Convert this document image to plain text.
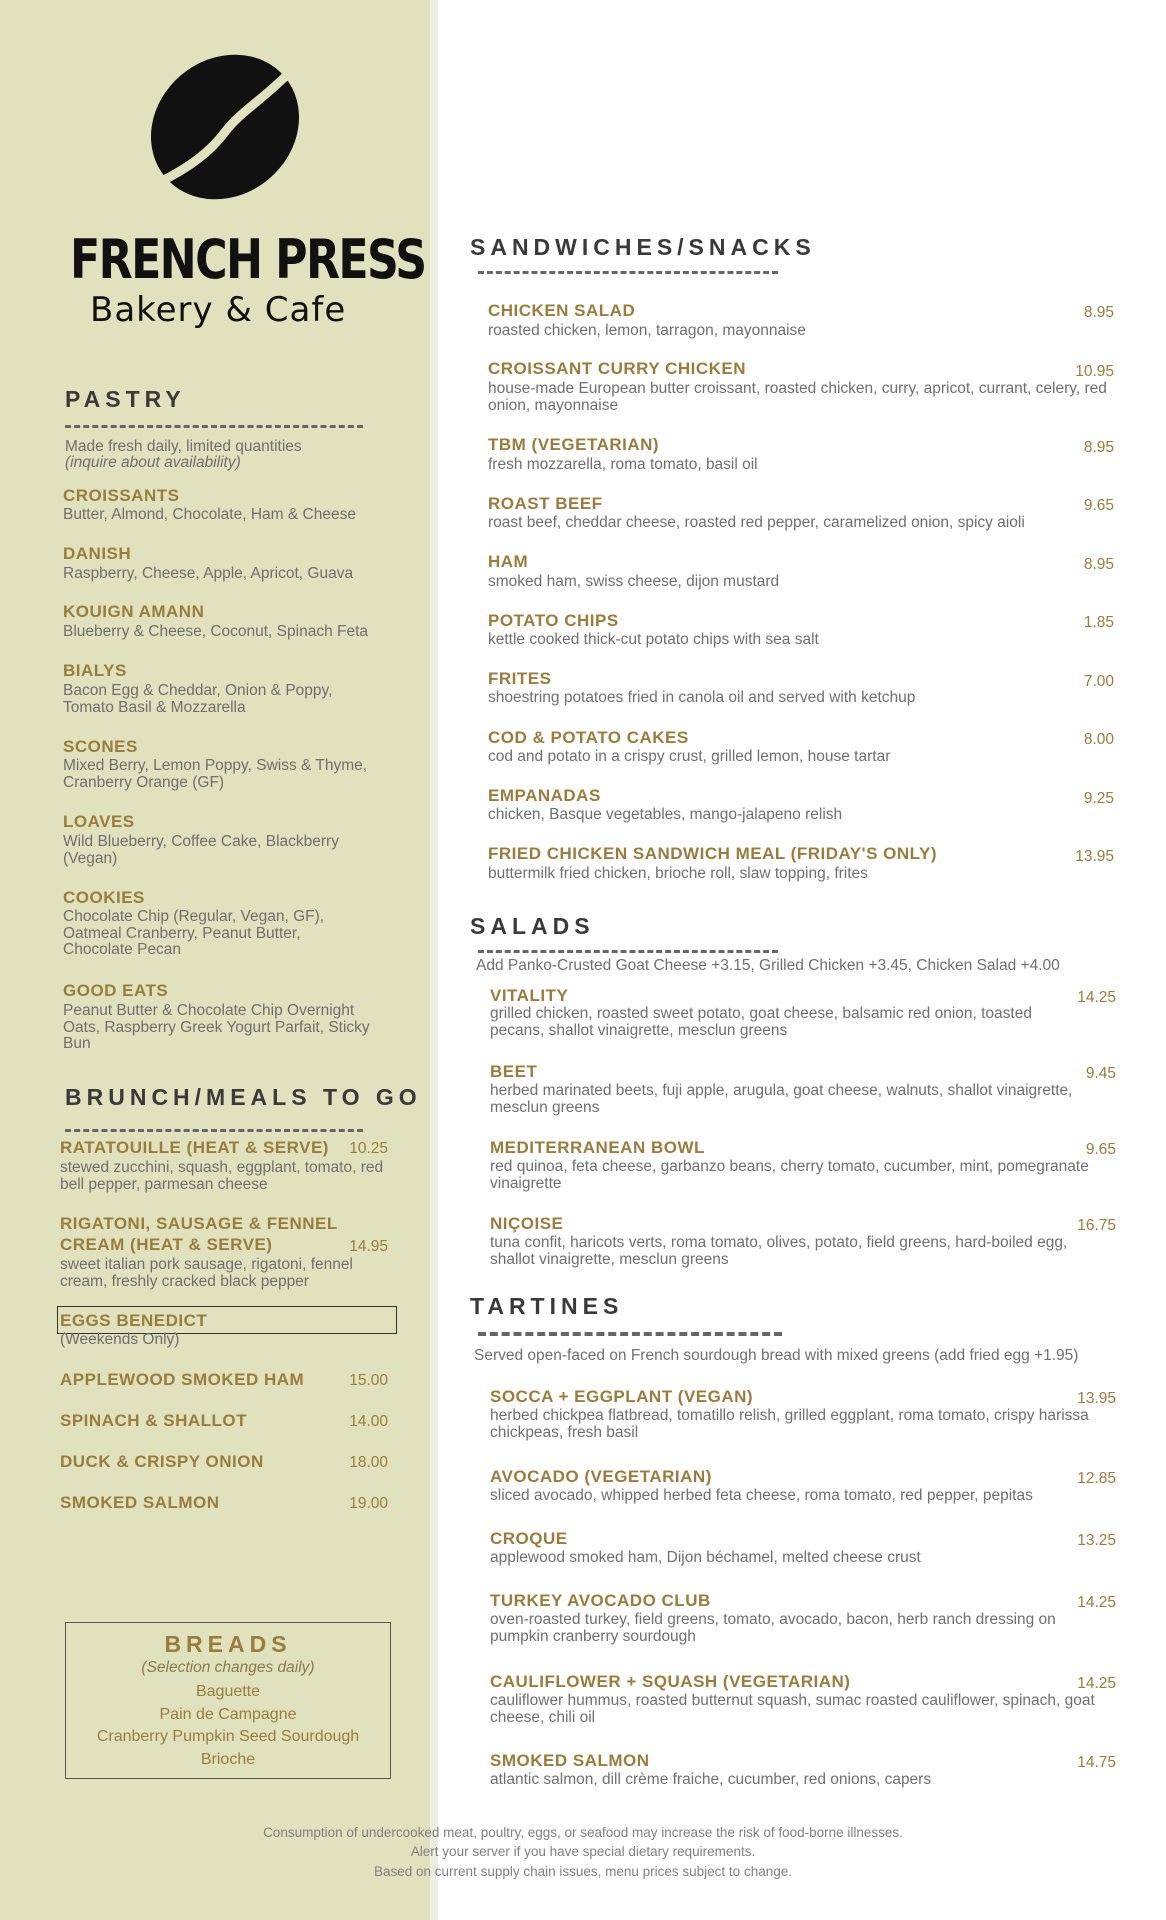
FRENCH PRESS
Bakery & Cafe
PASTRY
Made fresh daily, limited quantities
(inquire about availability)
CROISSANTS
Butter, Almond, Chocolate, Ham & Cheese
DANISH
Raspberry, Cheese, Apple, Apricot, Guava
KOUIGN AMANN
Blueberry & Cheese, Coconut, Spinach Feta
BIALYS
Bacon Egg & Cheddar, Onion & Poppy, Tomato Basil & Mozzarella
SCONES
Mixed Berry, Lemon Poppy, Swiss & Thyme, Cranberry Orange (GF)
LOAVES
Wild Blueberry, Coffee Cake, Blackberry (Vegan)
COOKIES
Chocolate Chip (Regular, Vegan, GF), Oatmeal Cranberry, Peanut Butter, Chocolate Pecan
GOOD EATS
Peanut Butter & Chocolate Chip Overnight Oats, Raspberry Greek Yogurt Parfait, Sticky Bun
BRUNCH/MEALS TO GO
RATATOUILLE (HEAT & SERVE)	10.25
stewed zucchini, squash, eggplant, tomato, red bell pepper, parmesan cheese
RIGATONI, SAUSAGE & FENNEL
CREAM (HEAT & SERVE)	14.95
sweet italian pork sausage, rigatoni, fennel cream, freshly cracked black pepper
EGGS BENEDICT
(Weekends Only)
APPLEWOOD SMOKED HAM	15.00
SPINACH & SHALLOT	14.00
DUCK & CRISPY ONION	18.00
SMOKED SALMON	19.00
BREADS
(Selection changes daily)
Baguette
Pain de Campagne
Cranberry Pumpkin Seed Sourdough
Brioche
SANDWICHES/SNACKS
CHICKEN SALAD	8.95
roasted chicken, lemon, tarragon, mayonnaise
CROISSANT CURRY CHICKEN	10.95
house-made European butter croissant, roasted chicken, curry, apricot, currant, celery, red onion, mayonnaise
TBM (VEGETARIAN)	8.95
fresh mozzarella, roma tomato, basil oil
ROAST BEEF	9.65
roast beef, cheddar cheese, roasted red pepper, caramelized onion, spicy aioli
HAM	8.95
smoked ham, swiss cheese, dijon mustard
POTATO CHIPS	1.85
kettle cooked thick-cut potato chips with sea salt
FRITES	7.00
shoestring potatoes fried in canola oil and served with ketchup
COD & POTATO CAKES	8.00
cod and potato in a crispy crust, grilled lemon, house tartar
EMPANADAS	9.25
chicken, Basque vegetables, mango-jalapeno relish
FRIED CHICKEN SANDWICH MEAL (FRIDAY'S ONLY)	13.95
buttermilk fried chicken, brioche roll, slaw topping, frites
SALADS
Add Panko-Crusted Goat Cheese +3.15, Grilled Chicken +3.45, Chicken Salad +4.00
VITALITY	14.25
grilled chicken, roasted sweet potato, goat cheese, balsamic red onion, toasted pecans, shallot vinaigrette, mesclun greens
BEET	9.45
herbed marinated beets, fuji apple, arugula, goat cheese, walnuts, shallot vinaigrette, mesclun greens
MEDITERRANEAN BOWL	9.65
red quinoa, feta cheese, garbanzo beans, cherry tomato, cucumber, mint, pomegranate vinaigrette
NIÇOISE	16.75
tuna confit, haricots verts, roma tomato, olives, potato, field greens, hard-boiled egg, shallot vinaigrette, mesclun greens
TARTINES
Served open-faced on French sourdough bread with mixed greens (add fried egg +1.95)
SOCCA + EGGPLANT (VEGAN)	13.95
herbed chickpea flatbread, tomatillo relish, grilled eggplant, roma tomato, crispy harissa chickpeas, fresh basil
AVOCADO (VEGETARIAN)	12.85
sliced avocado, whipped herbed feta cheese, roma tomato, red pepper, pepitas
CROQUE	13.25
applewood smoked ham, Dijon béchamel, melted cheese crust
TURKEY AVOCADO CLUB	14.25
oven-roasted turkey, field greens, tomato, avocado, bacon, herb ranch dressing on pumpkin cranberry sourdough
CAULIFLOWER + SQUASH (VEGETARIAN)	14.25
cauliflower hummus, roasted butternut squash, sumac roasted cauliflower, spinach, goat cheese, chili oil
SMOKED SALMON	14.75
atlantic salmon, dill crème fraiche, cucumber, red onions, capers
Consumption of undercooked meat, poultry, eggs, or seafood may increase the risk of food-borne illnesses.
Alert your server if you have special dietary requirements.
Based on current supply chain issues, menu prices subject to change.
